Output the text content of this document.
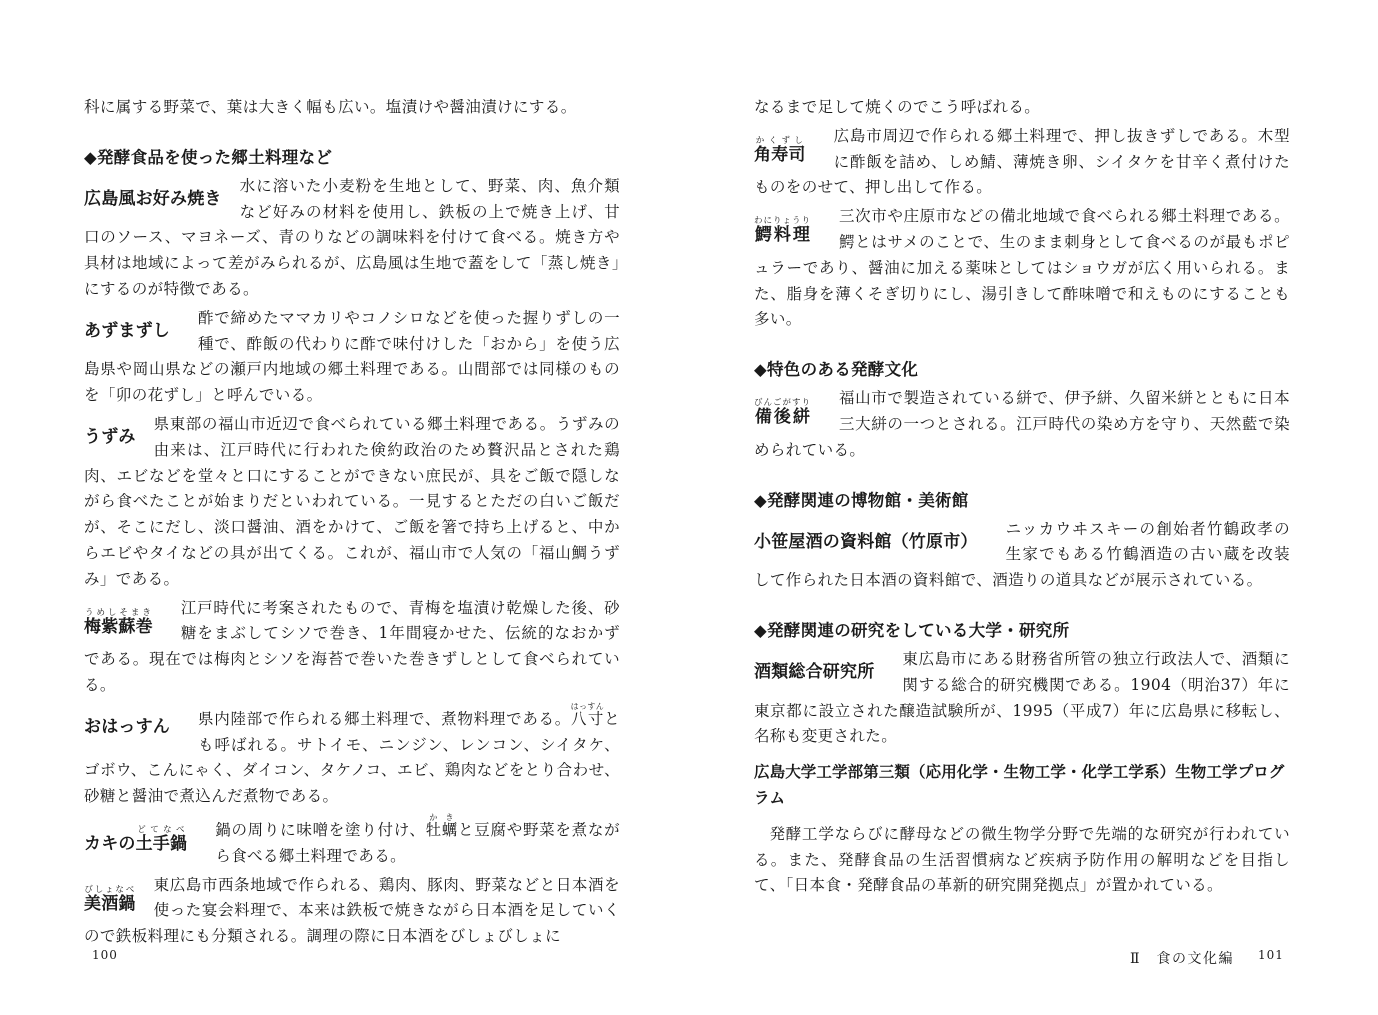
科に属する野菜で、葉は大きく幅も広い。塩漬けや醤油漬けにする。

◆発酵食品を使った郷土料理など
広島風お好み焼き

水に溶いた小麦粉を生地として、野菜、肉、魚介類など好みの材料を使用し、鉄板の上で焼き上げ、甘口のソース、マヨネーズ、青のりなどの調味料を付けて食べる。焼き方や具材は地域によって差がみられるが、広島風は生地で蓋をして「蒸し焼き」にするのが特徴である。

あずまずし

酢で締めたママカリやコノシロなどを使った握りずしの一種で、酢飯の代わりに酢で味付けした「おから」を使う広島県や岡山県などの瀬戸内地域の郷土料理である。山間部では同様のものを「卯の花ずし」と呼んでいる。

うずみ

県東部の福山市近辺で食べられている郷土料理である。うずみの由来は、江戸時代に行われた倹約政治のため贅沢品とされた鶏肉、エビなどを堂々と口にすることができない庶民が、具をご飯で隠しながら食べたことが始まりだといわれている。一見するとただの白いご飯だが、そこにだし、淡口醤油、酒をかけて、ご飯を箸で持ち上げると、中からエビやタイなどの具が出てくる。これが、福山市で人気の「福山鯛うずみ」である。

梅紫蘇巻うめしそまき	江戸時代に考案されたもので、青梅を塩漬け乾燥した後、砂糖をまぶしてシソで巻き、1年間寝かせた、伝統的なおかずである。現在では梅肉とシソを海苔で巻いた巻きずしとして食べられている。

おはっすん	県内陸部で作られる郷土料理で、煮物料理である。八寸はっすんとも呼ばれる。サトイモ、ニンジン、レンコン、シイタケ、ゴボウ、こんにゃく、ダイコン、タケノコ、エビ、鶏肉などをとり合わせ、砂糖と醤油で煮込んだ煮物である。

カキの土手鍋どてなべ	鍋の周りに味噌を塗り付け、牡蠣かきと豆腐や野菜を煮ながら食べる郷土料理である。

美酒鍋びしょなべ	東広島市西条地域で作られる、鶏肉、豚肉、野菜などと日本酒を使った宴会料理で、本来は鉄板で焼きながら日本酒を足していくので鉄板料理にも分類される。調理の際に日本酒をびしょびしょに

なるまで足して焼くのでこう呼ばれる。

角寿司かくずし	広島市周辺で作られる郷土料理で、押し抜きずしである。木型に酢飯を詰め、しめ鯖、薄焼き卵、シイタケを甘辛く煮付けたものをのせて、押し出して作る。

鰐料理わにりょうり	三次市や庄原市などの備北地域で食べられる郷土料理である。鰐とはサメのことで、生のまま刺身として食べるのが最もポピュラーであり、醤油に加える薬味としてはショウガが広く用いられる。また、脂身を薄くそぎ切りにし、湯引きして酢味噌で和えものにすることも多い。

◆特色のある発酵文化
備後絣びんごがすり	福山市で製造されている絣で、伊予絣、久留米絣とともに日本三大絣の一つとされる。江戸時代の染め方を守り、天然藍で染められている。

◆発酵関連の博物館・美術館
小笹屋酒の資料館（竹原市）

ニッカウヰスキーの創始者竹鶴政孝の生家でもある竹鶴酒造の古い蔵を改装して作られた日本酒の資料館で、酒造りの道具などが展示されている。

◆発酵関連の研究をしている大学・研究所
酒類総合研究所

東広島市にある財務省所管の独立行政法人で、酒類に関する総合的研究機関である。1904（明治37）年に東京都に設立された醸造試験所が、1995（平成7）年に広島県に移転し、名称も変更された。

広島大学工学部第三類（応用化学・生物工学・化学工学系）生物工学プログラム

発酵工学ならびに酵母などの微生物学分野で先端的な研究が行われている。また、発酵食品の生活習慣病など疾病予防作用の解明などを目指して、「日本食・発酵食品の革新的研究開発拠点」が置かれている。

100	Ⅱ　食の文化編 101
